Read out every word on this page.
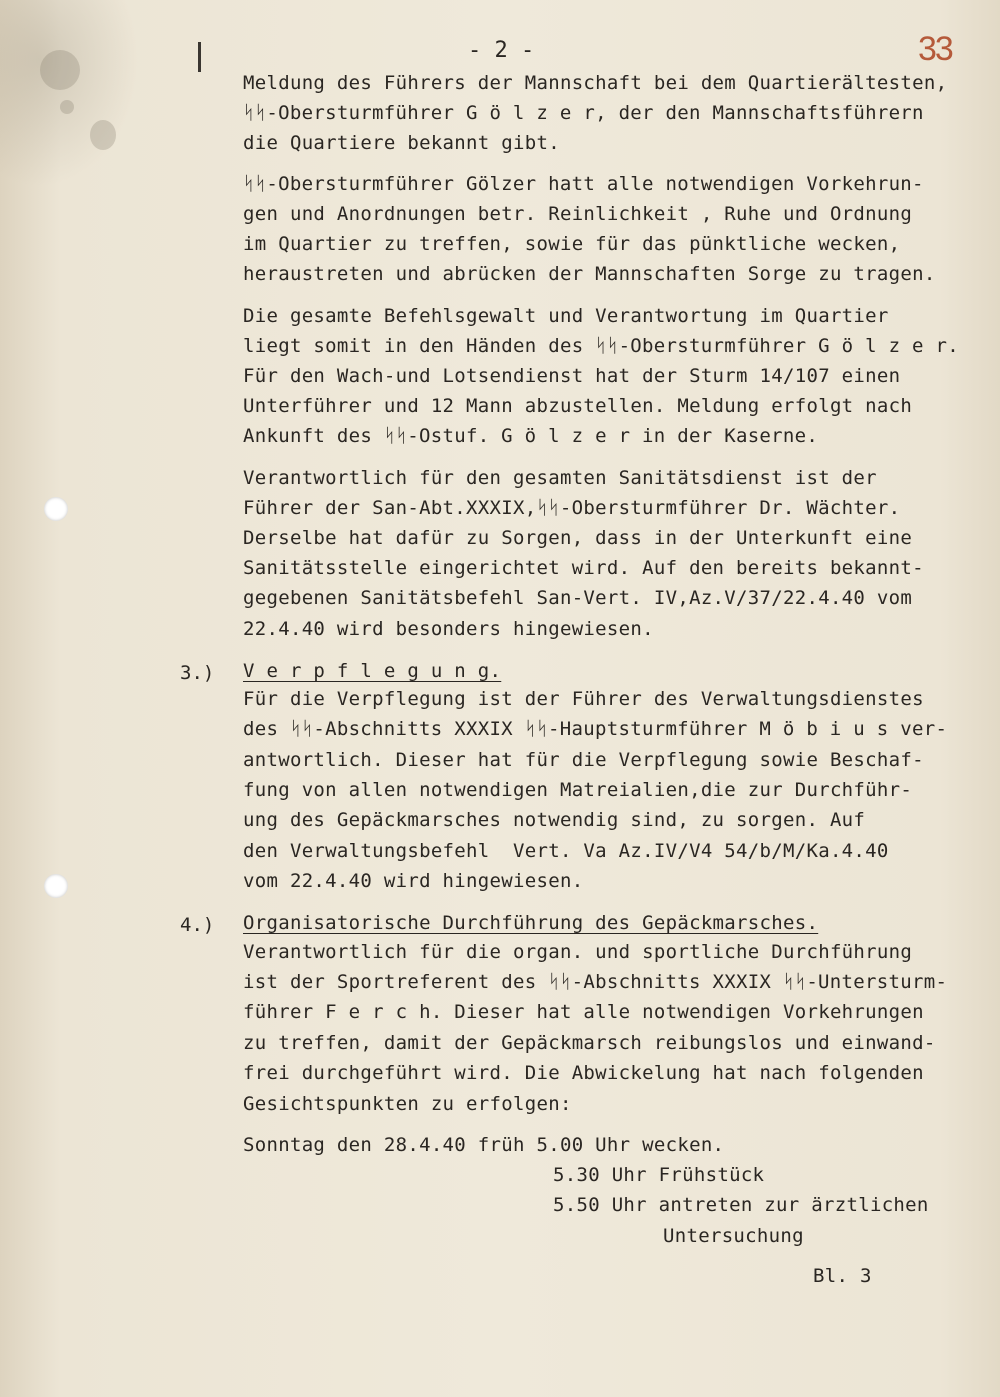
33
- 2 -
Meldung des Führers der Mannschaft bei dem Quartierältesten,
ᛋᛋ-Obersturmführer G ö l z e r, der den Mannschaftsführern
die Quartiere bekannt gibt.
ᛋᛋ-Obersturmführer Gölzer hatt alle notwendigen Vorkehrun-
gen und Anordnungen betr. Reinlichkeit , Ruhe und Ordnung
im Quartier zu treffen, sowie für das pünktliche wecken,
heraustreten und abrücken der Mannschaften Sorge zu tragen.
Die gesamte Befehlsgewalt und Verantwortung im Quartier
liegt somit in den Händen des ᛋᛋ-Obersturmführer G ö l z e r.
Für den Wach-und Lotsendienst hat der Sturm 14/107 einen
Unterführer und 12 Mann abzustellen. Meldung erfolgt nach
Ankunft des ᛋᛋ-Ostuf. G ö l z e r in der Kaserne.
Verantwortlich für den gesamten Sanitätsdienst ist der
Führer der San-Abt.XXXIX,ᛋᛋ-Obersturmführer Dr. Wächter.
Derselbe hat dafür zu Sorgen, dass in der Unterkunft eine
Sanitätsstelle eingerichtet wird. Auf den bereits bekannt-
gegebenen Sanitätsbefehl San-Vert. IV,Az.V/37/22.4.40 vom
22.4.40 wird besonders hingewiesen.
3.) V e r p f l e g u n g.
Für die Verpflegung ist der Führer des Verwaltungsdienstes
des ᛋᛋ-Abschnitts XXXIX ᛋᛋ-Hauptsturmführer M ö b i u s ver-
antwortlich. Dieser hat für die Verpflegung sowie Beschaf-
fung von allen notwendigen Matreialien,die zur Durchführ-
ung des Gepäckmarsches notwendig sind, zu sorgen. Auf
den Verwaltungsbefehl  Vert. Va Az.IV/V4 54/b/M/Ka.4.40
vom 22.4.40 wird hingewiesen.
4.) Organisatorische Durchführung des Gepäckmarsches.
Verantwortlich für die organ. und sportliche Durchführung
ist der Sportreferent des ᛋᛋ-Abschnitts XXXIX ᛋᛋ-Untersturm-
führer F e r c h. Dieser hat alle notwendigen Vorkehrungen
zu treffen, damit der Gepäckmarsch reibungslos und einwand-
frei durchgeführt wird. Die Abwickelung hat nach folgenden
Gesichtspunkten zu erfolgen:
Sonntag den 28.4.40 früh 5.00 Uhr wecken.
5.30 Uhr Frühstück
5.50 Uhr antreten zur ärztlichen
Untersuchung
Bl. 3
